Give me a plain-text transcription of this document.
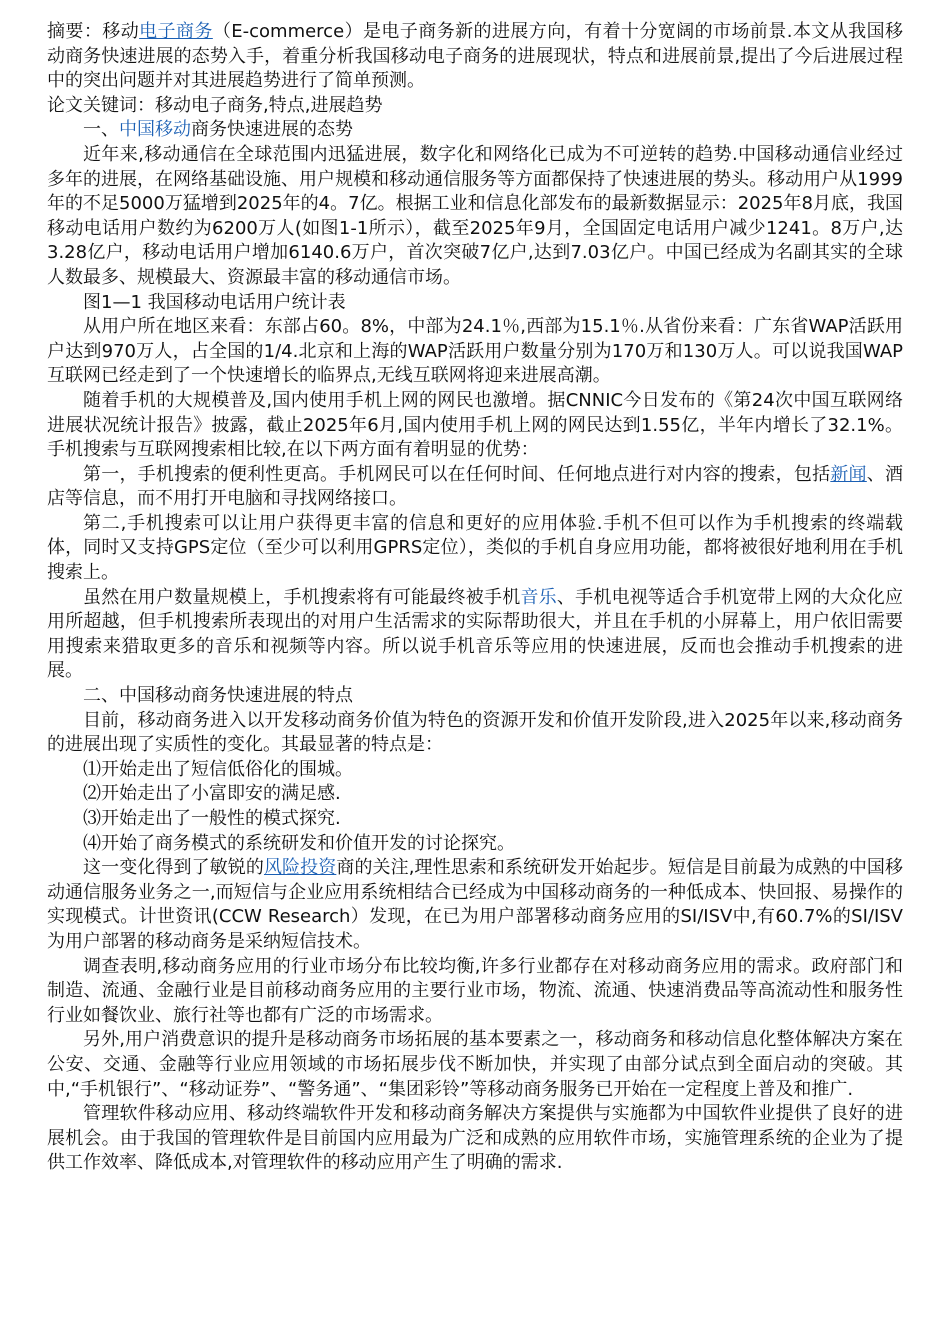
摘要：移动电子商务（E-commerce）是电子商务新的进展方向，有着十分宽阔的市场前景.本文从我国移动商务快速进展的态势入手，着重分析我国移动电子商务的进展现状，特点和进展前景,提出了今后进展过程中的突出问题并对其进展趋势进行了简单预测。

论文关键词：移动电子商务,特点,进展趋势

一、中国移动商务快速进展的态势

近年来,移动通信在全球范围内迅猛进展，数字化和网络化已成为不可逆转的趋势.中国移动通信业经过多年的进展，在网络基础设施、用户规模和移动通信服务等方面都保持了快速进展的势头。移动用户从1999年的不足5000万猛增到2025年的4。7亿。根据工业和信息化部发布的最新数据显示：2025年8月底，我国移动电话用户数约为6200万人(如图1-1所示），截至2025年9月，全国固定电话用户减少1241。8万户,达3.28亿户，移动电话用户增加6140.6万户，首次突破7亿户,达到7.03亿户。中国已经成为名副其实的全球人数最多、规模最大、资源最丰富的移动通信市场。

图1—1 我国移动电话用户统计表

从用户所在地区来看：东部占60。8%，中部为24.1％,西部为15.1％.从省份来看：广东省WAP活跃用户达到970万人，占全国的1/4.北京和上海的WAP活跃用户数量分别为170万和130万人。可以说我国WAP互联网已经走到了一个快速增长的临界点,无线互联网将迎来进展高潮。

随着手机的大规模普及,国内使用手机上网的网民也激增。据CNNIC今日发布的《第24次中国互联网络进展状况统计报告》披露，截止2025年6月,国内使用手机上网的网民达到1.55亿，半年内增长了32.1%。手机搜索与互联网搜索相比较,在以下两方面有着明显的优势：

第一，手机搜索的便利性更高。手机网民可以在任何时间、任何地点进行对内容的搜索，包括新闻、酒店等信息，而不用打开电脑和寻找网络接口。

第二,手机搜索可以让用户获得更丰富的信息和更好的应用体验.手机不但可以作为手机搜索的终端载体，同时又支持GPS定位（至少可以利用GPRS定位），类似的手机自身应用功能，都将被很好地利用在手机搜索上。

虽然在用户数量规模上，手机搜索将有可能最终被手机音乐、手机电视等适合手机宽带上网的大众化应用所超越，但手机搜索所表现出的对用户生活需求的实际帮助很大，并且在手机的小屏幕上，用户依旧需要用搜索来猎取更多的音乐和视频等内容。所以说手机音乐等应用的快速进展，反而也会推动手机搜索的进展。

二、中国移动商务快速进展的特点

目前，移动商务进入以开发移动商务价值为特色的资源开发和价值开发阶段,进入2025年以来,移动商务的进展出现了实质性的变化。其最显著的特点是：

⑴开始走出了短信低俗化的围城。

⑵开始走出了小富即安的满足感.

⑶开始走出了一般性的模式探究.

⑷开始了商务模式的系统研发和价值开发的讨论探究。

这一变化得到了敏锐的风险投资商的关注,理性思索和系统研发开始起步。短信是目前最为成熟的中国移动通信服务业务之一,而短信与企业应用系统相结合已经成为中国移动商务的一种低成本、快回报、易操作的实现模式。计世资讯(CCW Research）发现，在已为用户部署移动商务应用的SI/ISV中,有60.7%的SI/ISV为用户部署的移动商务是采纳短信技术。

调查表明,移动商务应用的行业市场分布比较均衡,许多行业都存在对移动商务应用的需求。政府部门和制造、流通、金融行业是目前移动商务应用的主要行业市场，物流、流通、快速消费品等高流动性和服务性行业如餐饮业、旅行社等也都有广泛的市场需求。

另外,用户消费意识的提升是移动商务市场拓展的基本要素之一，移动商务和移动信息化整体解决方案在公安、交通、金融等行业应用领域的市场拓展步伐不断加快，并实现了由部分试点到全面启动的突破。其中,“手机银行”、“移动证券”、“警务通”、“集团彩铃”等移动商务服务已开始在一定程度上普及和推广.

管理软件移动应用、移动终端软件开发和移动商务解决方案提供与实施都为中国软件业提供了良好的进展机会。由于我国的管理软件是目前国内应用最为广泛和成熟的应用软件市场，实施管理系统的企业为了提供工作效率、降低成本,对管理软件的移动应用产生了明确的需求.
